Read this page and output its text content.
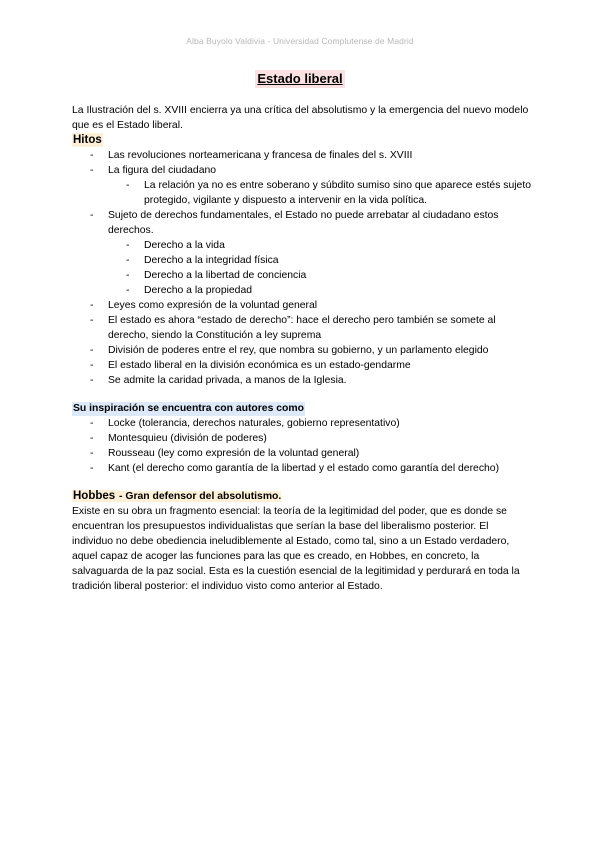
Alba Buyolo Valdivia - Universidad Complutense de Madrid
Estado liberal

La Ilustración del s. XVIII encierra ya una crítica del absolutismo y la emergencia del nuevo modelo que es el Estado liberal.

Hitos
- Las revoluciones norteamericana y francesa de finales del s. XVIII
- La figura del ciudadano
- La relación ya no es entre soberano y súbdito sumiso sino que aparece estés sujeto protegido, vigilante y dispuesto a intervenir en la vida política.
- Sujeto de derechos fundamentales, el Estado no puede arrebatar al ciudadano estos derechos.
- Derecho a la vida
- Derecho a la integridad física
- Derecho a la libertad de conciencia
- Derecho a la propiedad
- Leyes como expresión de la voluntad general
- El estado es ahora “estado de derecho”: hace el derecho pero también se somete al derecho, siendo la Constitución a ley suprema
- División de poderes entre el rey, que nombra su gobierno, y un parlamento elegido
- El estado liberal en la división económica es un estado-gendarme
- Se admite la caridad privada, a manos de la Iglesia.
Su inspiración se encuentra con autores como
- Locke (tolerancia, derechos naturales, gobierno representativo)
- Montesquieu (división de poderes)
- Rousseau (ley como expresión de la voluntad general)
- Kant (el derecho como garantía de la libertad y el estado como garantía del derecho)

Hobbes - Gran defensor del absolutismo.

Existe en su obra un fragmento esencial: la teoría de la legitimidad del poder, que es donde se encuentran los presupuestos individualistas que serían la base del liberalismo posterior. El individuo no debe obediencia ineludiblemente al Estado, como tal, sino a un Estado verdadero, aquel capaz de acoger las funciones para las que es creado, en Hobbes, en concreto, la salvaguarda de la paz social. Esta es la cuestión esencial de la legitimidad y perdurará en toda la tradición liberal posterior: el individuo visto como anterior al Estado.
